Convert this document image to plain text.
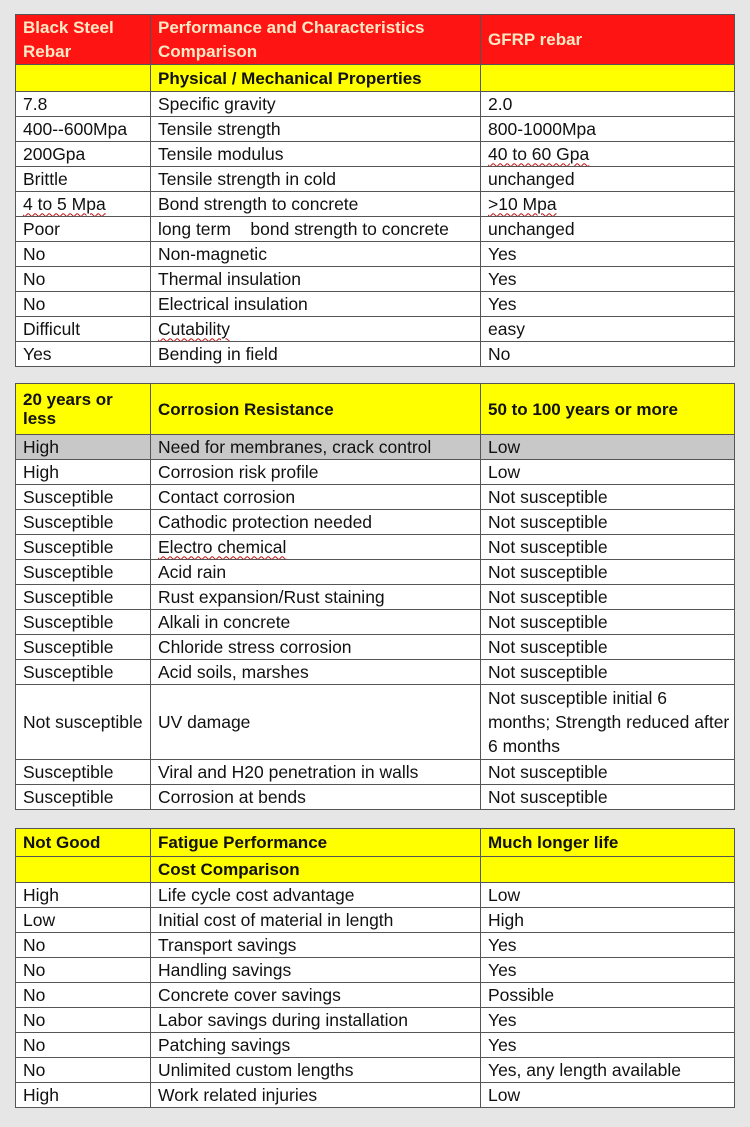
Black Steel Rebar	Performance and Characteristics Comparison	GFRP rebar
	Physical / Mechanical Properties	
7.8	Specific gravity	2.0
400--600Mpa	Tensile strength	800-1000Mpa
200Gpa	Tensile modulus	40 to 60 Gpa
Brittle	Tensile strength in cold	unchanged
4 to 5 Mpa	Bond strength to concrete	>10 Mpa
Poor	long term    bond strength to concrete	unchanged
No	Non-magnetic	Yes
No	Thermal insulation	Yes
No	Electrical insulation	Yes
Difficult	Cutability	easy
Yes	Bending in field	No
20 years or less	Corrosion Resistance	50 to 100 years or more
High	Need for membranes, crack control	Low
High	Corrosion risk profile	Low
Susceptible	Contact corrosion	Not susceptible
Susceptible	Cathodic protection needed	Not susceptible
Susceptible	Electro chemical	Not susceptible
Susceptible	Acid rain	Not susceptible
Susceptible	Rust expansion/Rust staining	Not susceptible
Susceptible	Alkali in concrete	Not susceptible
Susceptible	Chloride stress corrosion	Not susceptible
Susceptible	Acid soils, marshes	Not susceptible
Not susceptible	UV damage	Not susceptible initial 6 months; Strength reduced after 6 months
Susceptible	Viral and H20 penetration in walls	Not susceptible
Susceptible	Corrosion at bends	Not susceptible
Not Good	Fatigue Performance	Much longer life
	Cost Comparison	
High	Life cycle cost advantage	Low
Low	Initial cost of material in length	High
No	Transport savings	Yes
No	Handling savings	Yes
No	Concrete cover savings	Possible
No	Labor savings during installation	Yes
No	Patching savings	Yes
No	Unlimited custom lengths	Yes, any length available
High	Work related injuries	Low
